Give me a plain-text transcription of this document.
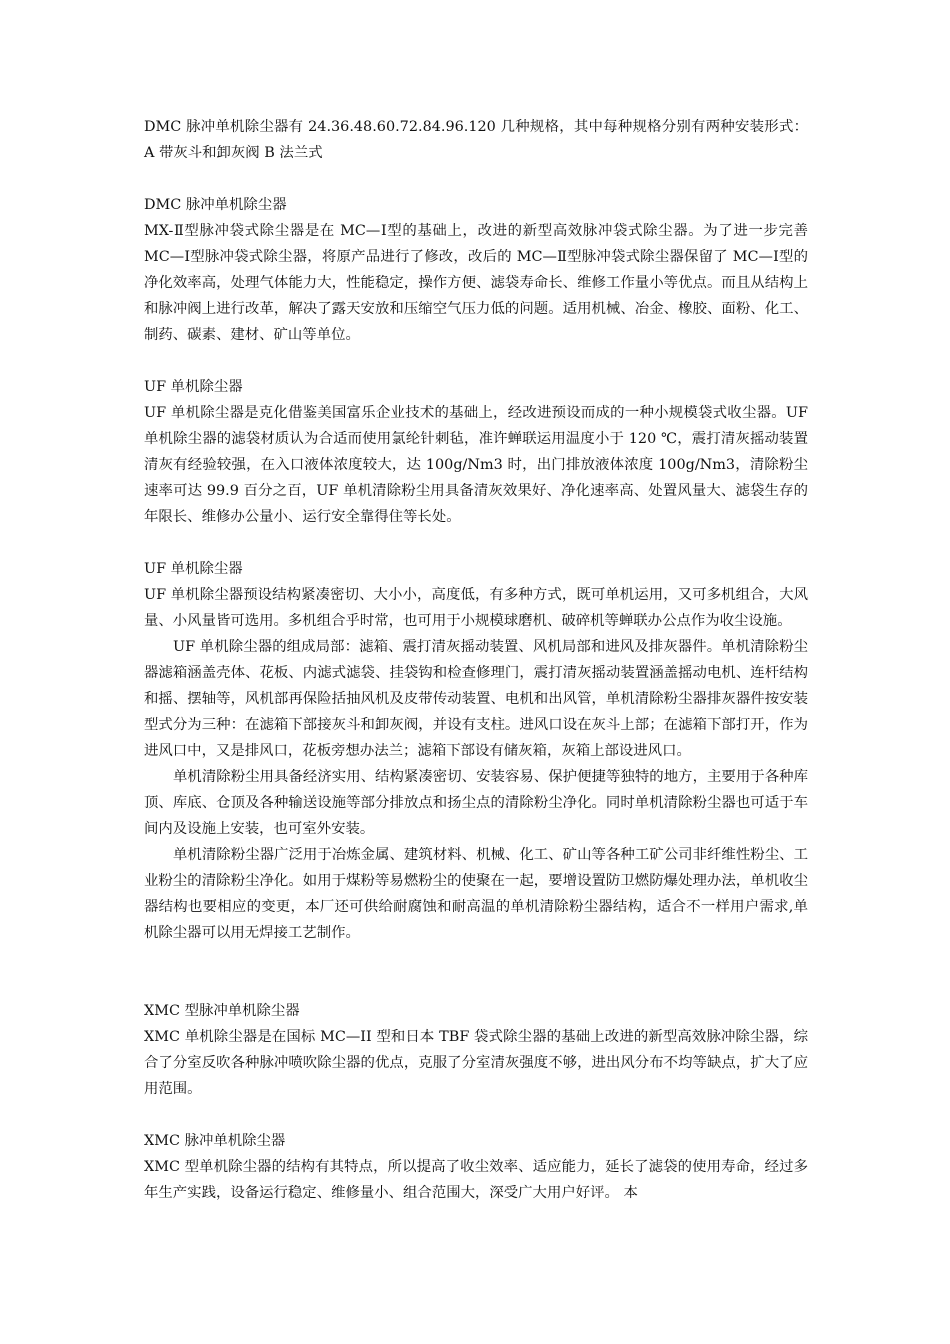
DMC 脉冲单机除尘器有 24.36.48.60.72.84.96.120 几种规格，其中每种规格分别有两种安装形式：A 带灰斗和卸灰阀 B 法兰式

DMC 脉冲单机除尘器

MX-Ⅱ型脉冲袋式除尘器是在 MC—Ⅰ型的基础上，改进的新型高效脉冲袋式除尘器。为了进一步完善 MC—Ⅰ型脉冲袋式除尘器，将原产品进行了修改，改后的 MC—Ⅱ型脉冲袋式除尘器保留了 MC—Ⅰ型的净化效率高，处理气体能力大，性能稳定，操作方便、滤袋寿命长、维修工作量小等优点。而且从结构上和脉冲阀上进行改革，解决了露天安放和压缩空气压力低的问题。适用机械、冶金、橡胶、面粉、化工、制药、碳素、建材、矿山等单位。

UF 单机除尘器

UF 单机除尘器是克化借鉴美国富乐企业技术的基础上，经改进预设而成的一种小规模袋式收尘器。UF 单机除尘器的滤袋材质认为合适而使用氯纶针刺毡，准许蝉联运用温度小于 120 ℃，震打清灰摇动装置清灰有经验较强，在入口液体浓度较大，达 100g/Nm3 时，出门排放液体浓度 100g/Nm3，清除粉尘速率可达 99.9 百分之百，UF 单机清除粉尘用具备清灰效果好、净化速率高、处置风量大、滤袋生存的年限长、维修办公量小、运行安全靠得住等长处。

UF 单机除尘器

UF 单机除尘器预设结构紧凑密切、大小小，高度低，有多种方式，既可单机运用，又可多机组合，大风量、小风量皆可选用。多机组合乎时常，也可用于小规模球磨机、破碎机等蝉联办公点作为收尘设施。

UF 单机除尘器的组成局部：滤箱、震打清灰摇动装置、风机局部和进风及排灰器件。单机清除粉尘器滤箱涵盖壳体、花板、内滤式滤袋、挂袋钩和检查修理门，震打清灰摇动装置涵盖摇动电机、连杆结构和摇、摆轴等，风机部再保险括抽风机及皮带传动装置、电机和出风管，单机清除粉尘器排灰器件按安装型式分为三种：在滤箱下部接灰斗和卸灰阀，并设有支柱。进风口设在灰斗上部；在滤箱下部打开，作为进风口中，又是排风口，花板旁想办法兰；滤箱下部设有储灰箱，灰箱上部设进风口。

单机清除粉尘用具备经济实用、结构紧凑密切、安装容易、保护便捷等独特的地方，主要用于各种库顶、库底、仓顶及各种输送设施等部分排放点和扬尘点的清除粉尘净化。同时单机清除粉尘器也可适于车间内及设施上安装，也可室外安装。

单机清除粉尘器广泛用于冶炼金属、建筑材料、机械、化工、矿山等各种工矿公司非纤维性粉尘、工业粉尘的清除粉尘净化。如用于煤粉等易燃粉尘的使聚在一起，要增设置防卫燃防爆处理办法，单机收尘器结构也要相应的变更，本厂还可供给耐腐蚀和耐高温的单机清除粉尘器结构，适合不一样用户需求,单机除尘器可以用无焊接工艺制作。

XMC 型脉冲单机除尘器

XMC 单机除尘器是在国标 MC—II 型和日本 TBF 袋式除尘器的基础上改进的新型高效脉冲除尘器，综合了分室反吹各种脉冲喷吹除尘器的优点，克服了分室清灰强度不够，进出风分布不均等缺点，扩大了应用范围。

XMC 脉冲单机除尘器

XMC 型单机除尘器的结构有其特点，所以提高了收尘效率、适应能力，延长了滤袋的使用寿命，经过多年生产实践，设备运行稳定、维修量小、组合范围大，深受广大用户好评。 本
